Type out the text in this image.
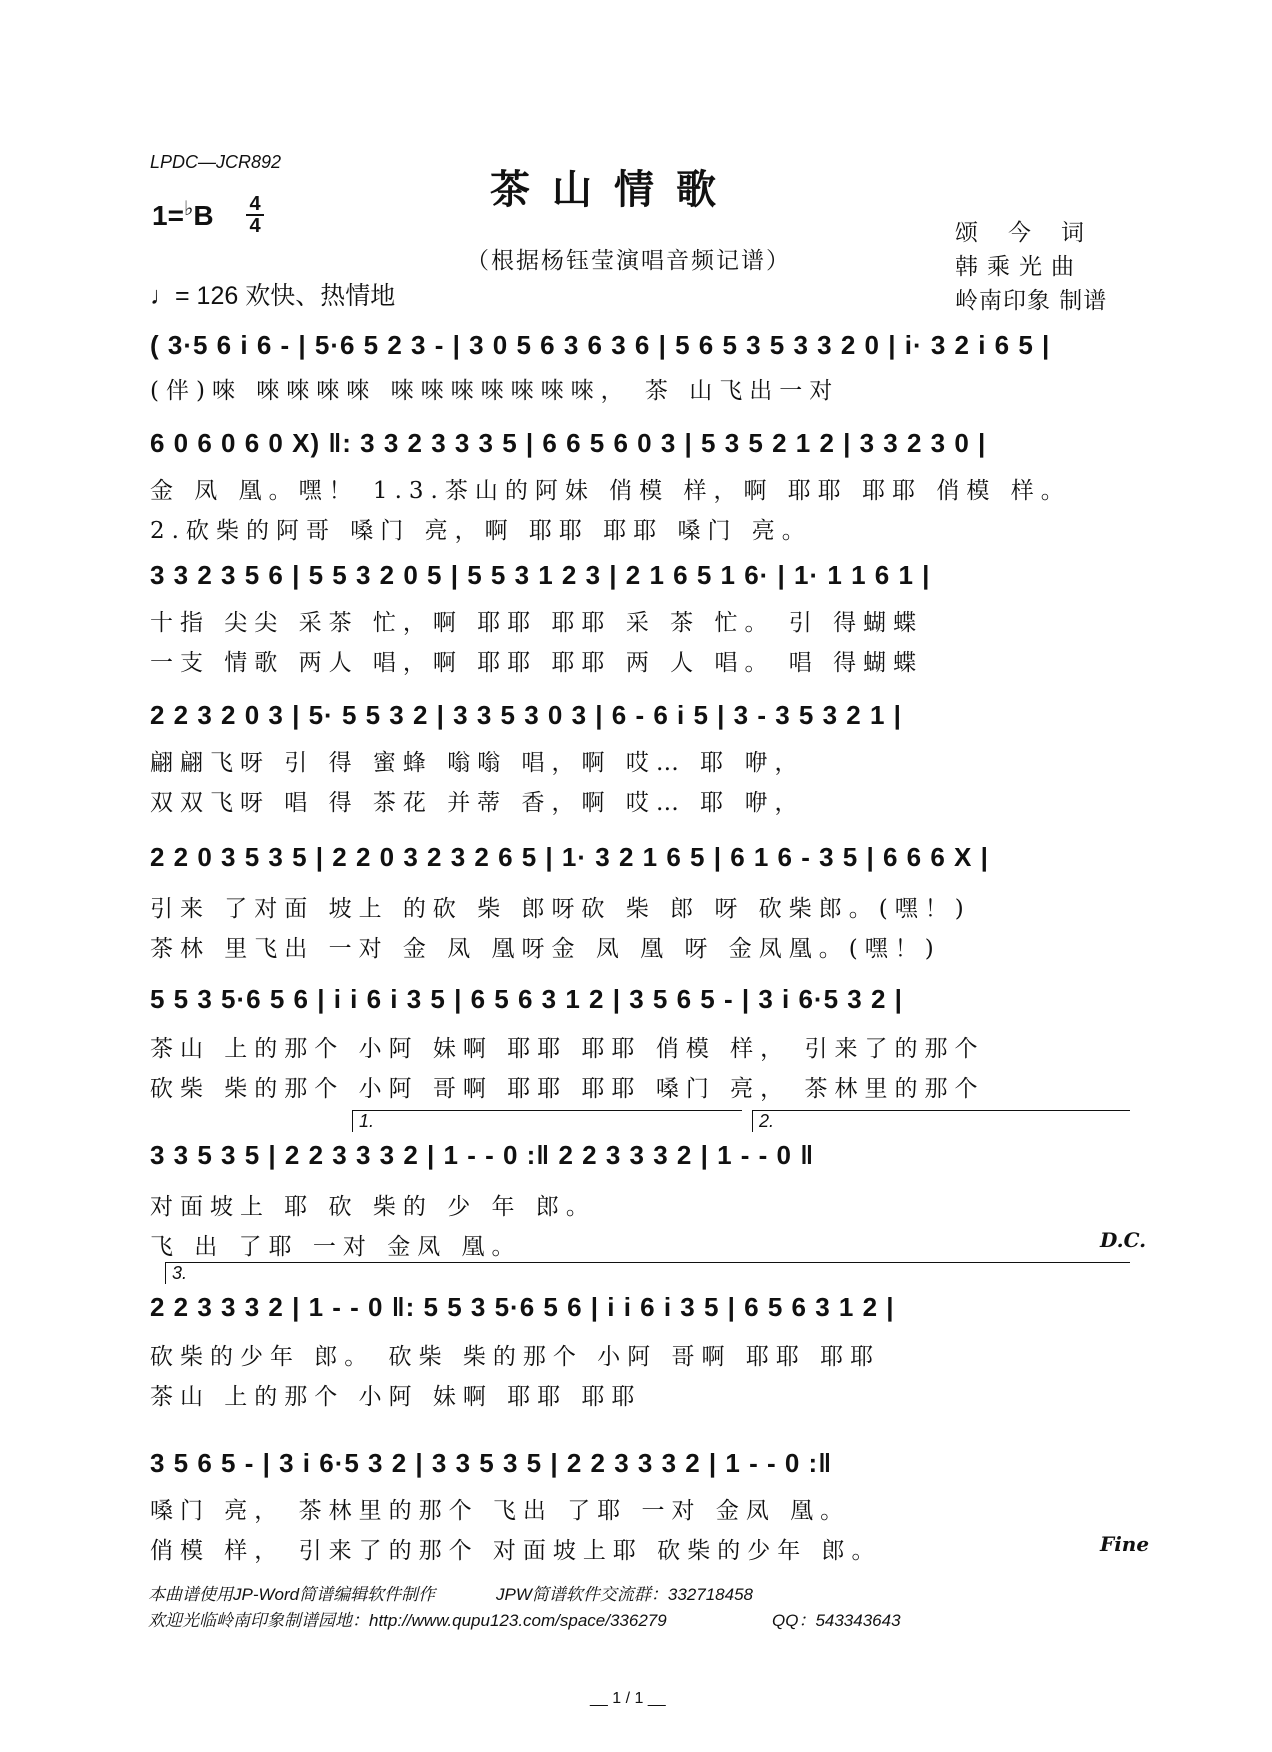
LPDC—JCR892
茶山情歌
1=♭B 4
4
（根据杨钰莹演唱音频记谱）
♩= 126 欢快、热情地
颂今词
韩乘光曲
岭南印象 制谱
( 3·5 6 i 6 - | 5·6 5 2 3 - | 3 0 5 6 3 6 3 6 | 5 6 5 3 5 3 3 2 0 | i· 3 2 i 6 5 |
(伴)唻 唻唻唻唻 唻唻唻唻唻唻唻， 茶 山飞出一对
6 0 6 0 6 0 X) ‖: 3 3 2 3 3 3 5 | 6 6 5 6 0 3 | 5 3 5 2 1 2 | 3 3 2 3 0 |
金 凤 凰。嘿！ 1.3.茶山的阿妹 俏模 样，啊 耶耶 耶耶 俏模 样。
2.砍柴的阿哥 嗓门 亮，啊 耶耶 耶耶 嗓门 亮。
3 3 2 3 5 6 | 5 5 3 2 0 5 | 5 5 3 1 2 3 | 2 1 6 5 1 6· | 1· 1 1 6 1 |
十指 尖尖 采茶 忙，啊 耶耶 耶耶 采 茶 忙。 引 得蝴蝶
一支 情歌 两人 唱，啊 耶耶 耶耶 两 人 唱。 唱 得蝴蝶
2 2 3 2 0 3 | 5· 5 5 3 2 | 3 3 5 3 0 3 | 6 - 6 i 5 | 3 - 3 5 3 2 1 |
翩翩飞呀 引 得 蜜蜂 嗡嗡 唱，啊 哎… 耶 咿，
双双飞呀 唱 得 茶花 并蒂 香，啊 哎… 耶 咿，
2 2 0 3 5 3 5 | 2 2 0 3 2 3 2 6 5 | 1· 3 2 1 6 5 | 6 1 6 - 3 5 | 6 6 6 X |
引来 了对面 坡上 的砍 柴 郎呀砍 柴 郎 呀 砍柴郎。(嘿！)
茶林 里飞出 一对 金 凤 凰呀金 凤 凰 呀 金凤凰。(嘿！)
5 5 3 5·6 5 6 | i i 6 i 3 5 | 6 5 6 3 1 2 | 3 5 6 5 - | 3 i 6·5 3 2 |
茶山 上的那个 小阿 妹啊 耶耶 耶耶 俏模 样， 引来了的那个
砍柴 柴的那个 小阿 哥啊 耶耶 耶耶 嗓门 亮， 茶林里的那个
1.	2.
3 3 5 3 5 | 2 2 3 3 3 2 | 1 - - 0 :‖ 2 2 3 3 3 2 | 1 - - 0 ‖
对面坡上 耶 砍 柴的 少 年 郎。
飞 出 了耶 一对 金凤 凰。	D.C.
3.
2 2 3 3 3 2 | 1 - - 0 ‖: 5 5 3 5·6 5 6 | i i 6 i 3 5 | 6 5 6 3 1 2 |
砍柴的少年 郎。 砍柴 柴的那个 小阿 哥啊 耶耶 耶耶
茶山 上的那个 小阿 妹啊 耶耶 耶耶
3 5 6 5 - | 3 i 6·5 3 2 | 3 3 5 3 5 | 2 2 3 3 3 2 | 1 - - 0 :‖
嗓门 亮， 茶林里的那个 飞出 了耶 一对 金凤 凰。
俏模 样， 引来了的那个 对面坡上耶 砍柴的少年 郎。	Fine
本曲谱使用JP-Word简谱编辑软件制作	JPW简谱软件交流群：332718458
欢迎光临岭南印象制谱园地：http://www.qupu123.com/space/336279	QQ：543343643
__ 1 / 1 __
